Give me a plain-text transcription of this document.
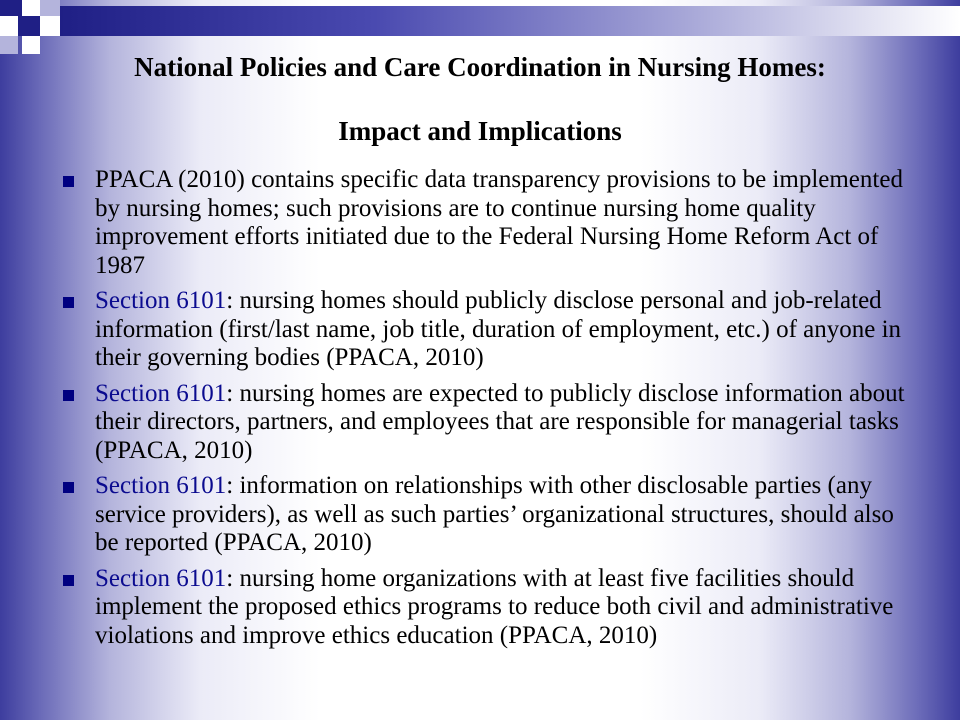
National Policies and Care Coordination in Nursing Homes:
Impact and Implications
PPACA (2010) contains specific data transparency provisions to be implemented by nursing homes; such provisions are to continue nursing home quality improvement efforts initiated due to the Federal Nursing Home Reform Act of 1987
Section 6101: nursing homes should publicly disclose personal and job-related information (first/last name, job title, duration of employment, etc.) of anyone in their governing bodies (PPACA, 2010)
Section 6101: nursing homes are expected to publicly disclose information about their directors, partners, and employees that are responsible for managerial tasks (PPACA, 2010)
Section 6101: information on relationships with other disclosable parties (any service providers), as well as such parties’ organizational structures, should also be reported (PPACA, 2010)
Section 6101: nursing home organizations with at least five facilities should implement the proposed ethics programs to reduce both civil and administrative violations and improve ethics education (PPACA, 2010)
